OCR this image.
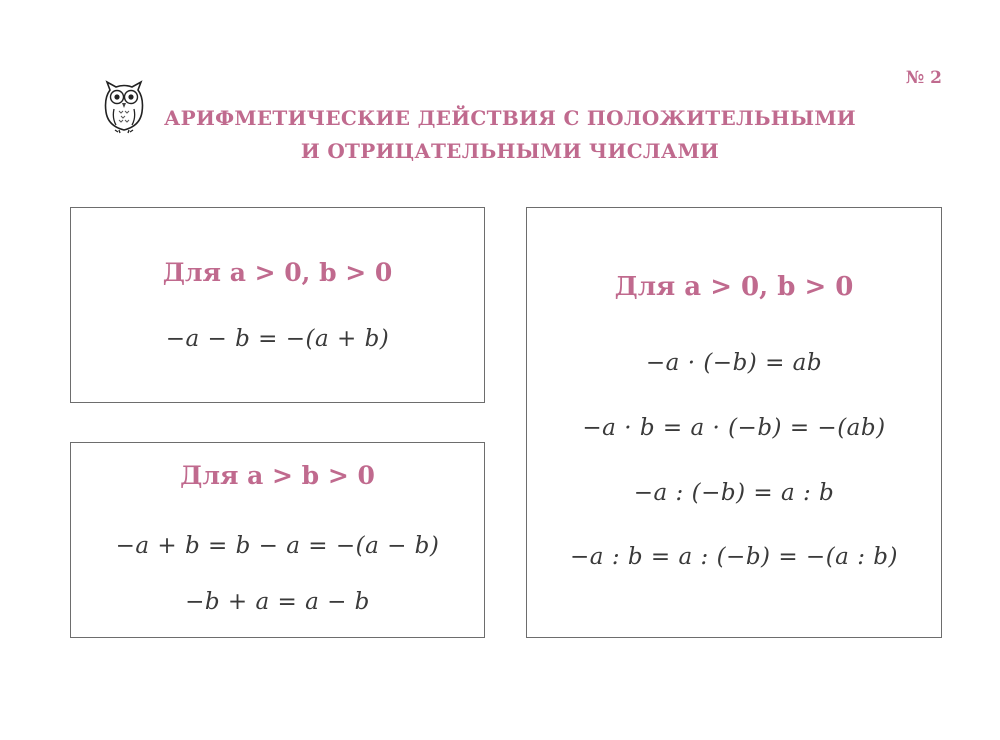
№ 2
АРИФМЕТИЧЕСКИЕ ДЕЙСТВИЯ С ПОЛОЖИТЕЛЬНЫМИ
И ОТРИЦАТЕЛЬНЫМИ ЧИСЛАМИ
Для a > 0, b > 0
−a − b = −(a + b)
Для a > b > 0
−a + b = b − a = −(a − b)
−b + a = a − b
Для a > 0, b > 0
−a · (−b) = ab
−a · b = a · (−b) = −(ab)
−a : (−b) = a : b
−a : b = a : (−b) = −(a : b)
